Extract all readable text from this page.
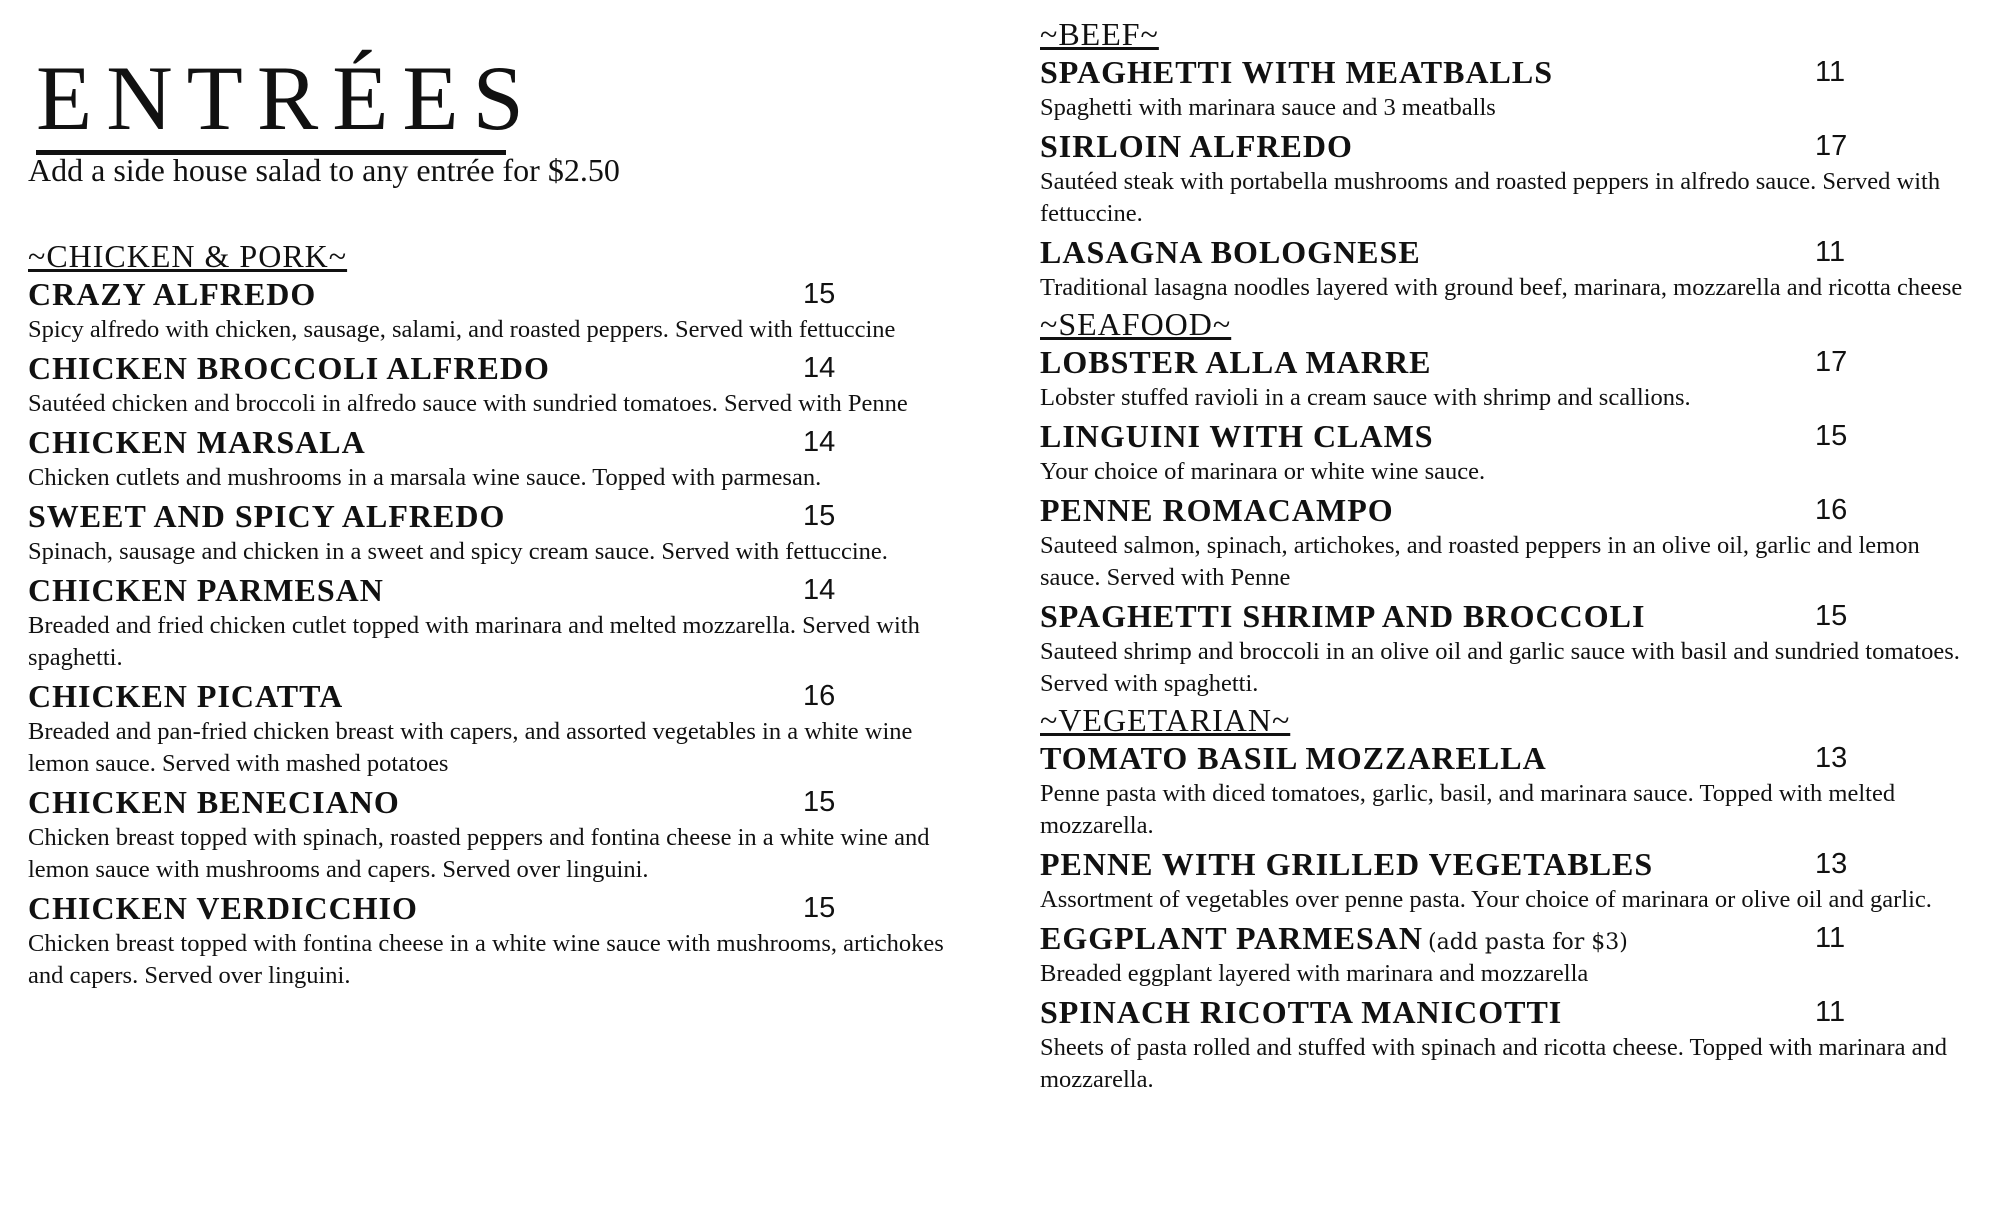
ENTRÉES
Add a side house salad to any entrée for $2.50
~CHICKEN & PORK~
CRAZY ALFREDO	15
Spicy alfredo with chicken, sausage, salami, and roasted peppers. Served with fettuccine
CHICKEN BROCCOLI ALFREDO	14
Sautéed chicken and broccoli in alfredo sauce with sundried tomatoes. Served with Penne
CHICKEN MARSALA	14
Chicken cutlets and mushrooms in a marsala wine sauce. Topped with parmesan.
SWEET AND SPICY ALFREDO	15
Spinach, sausage and chicken in a sweet and spicy cream sauce. Served with fettuccine.
CHICKEN PARMESAN	14
Breaded and fried chicken cutlet topped with marinara and melted mozzarella. Served with spaghetti.
CHICKEN PICATTA	16
Breaded and pan-fried chicken breast with capers, and assorted vegetables in a white wine lemon sauce. Served with mashed potatoes
CHICKEN BENECIANO	15
Chicken breast topped with spinach, roasted peppers and fontina cheese in a white wine and lemon sauce with mushrooms and capers. Served over linguini.
CHICKEN VERDICCHIO	15
Chicken breast topped with fontina cheese in a white wine sauce with mushrooms, artichokes and capers. Served over linguini.
~BEEF~
SPAGHETTI WITH MEATBALLS	11
Spaghetti with marinara sauce and 3 meatballs
SIRLOIN ALFREDO	17
Sautéed steak with portabella mushrooms and roasted peppers in alfredo sauce. Served with fettuccine.
LASAGNA BOLOGNESE	11
Traditional lasagna noodles layered with ground beef, marinara, mozzarella and ricotta cheese
~SEAFOOD~
LOBSTER ALLA MARRE	17
Lobster stuffed ravioli in a cream sauce with shrimp and scallions.
LINGUINI WITH CLAMS	15
Your choice of marinara or white wine sauce.
PENNE ROMACAMPO	16
Sauteed salmon, spinach, artichokes, and roasted peppers in an olive oil, garlic and lemon sauce. Served with Penne
SPAGHETTI SHRIMP AND BROCCOLI	15
Sauteed shrimp and broccoli in an olive oil and garlic sauce with basil and sundried tomatoes. Served with spaghetti.
~VEGETARIAN~
TOMATO BASIL MOZZARELLA	13
Penne pasta with diced tomatoes, garlic, basil, and marinara sauce. Topped with melted mozzarella.
PENNE WITH GRILLED VEGETABLES	13
Assortment of vegetables over penne pasta. Your choice of marinara or olive oil and garlic.
EGGPLANT PARMESAN (add pasta for $3)	11
Breaded eggplant layered with marinara and mozzarella
SPINACH RICOTTA MANICOTTI	11
Sheets of pasta rolled and stuffed with spinach and ricotta cheese. Topped with marinara and mozzarella.
